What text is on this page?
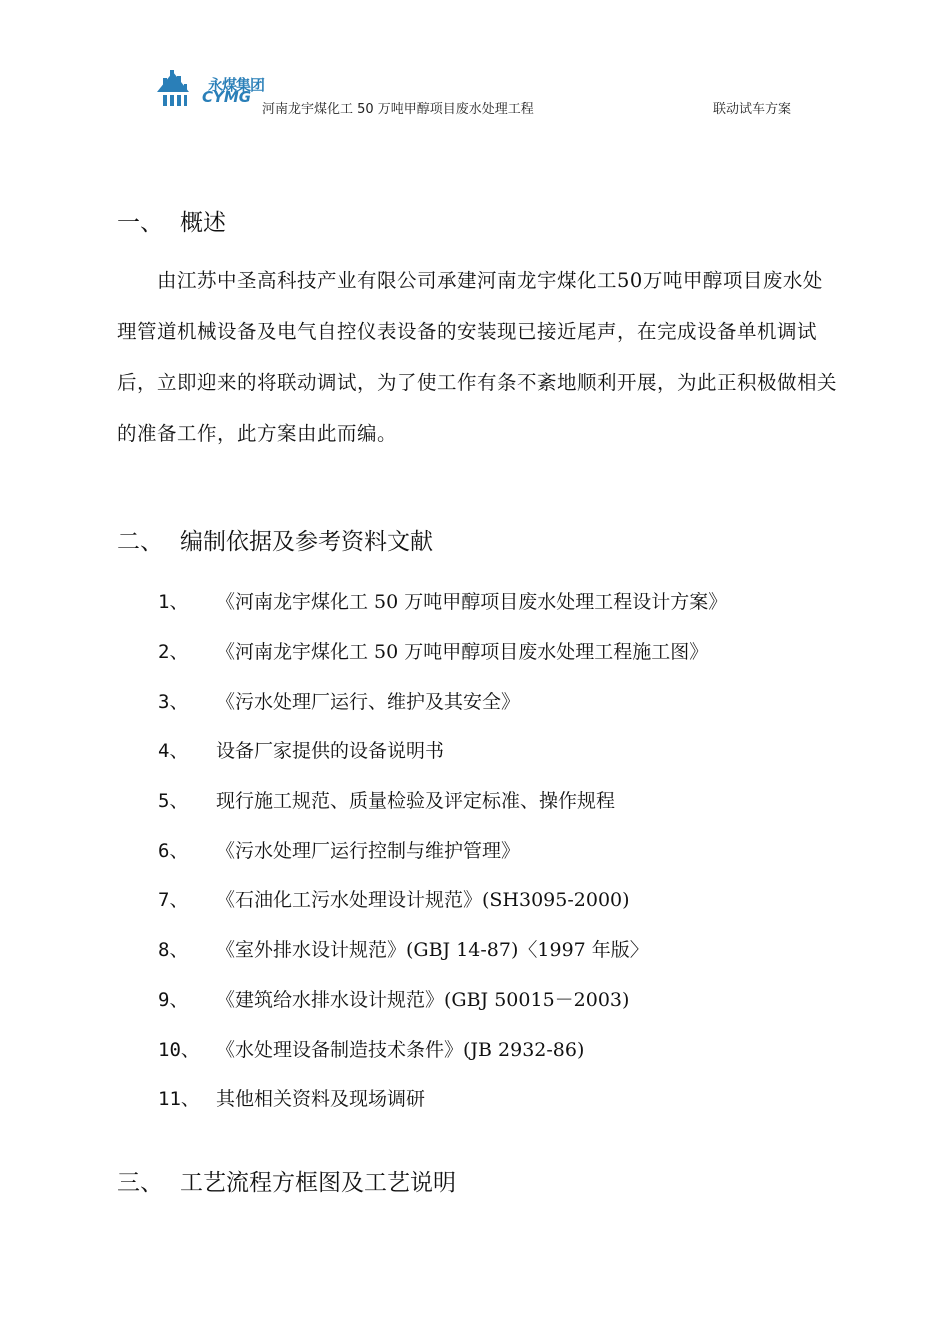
永煤集团
CYMG
河南龙宇煤化工 50 万吨甲醇项目废水处理工程	联动试车方案
一、 概述
由江苏中圣高科技产业有限公司承建河南龙宇煤化工50万吨甲醇项目废水处理管道机械设备及电气自控仪表设备的安装现已接近尾声，在完成设备单机调试后，立即迎来的将联动调试，为了使工作有条不紊地顺利开展，为此正积极做相关的准备工作，此方案由此而编。
二、 编制依据及参考资料文献
1、 《河南龙宇煤化工 50 万吨甲醇项目废水处理工程设计方案》
2、 《河南龙宇煤化工 50 万吨甲醇项目废水处理工程施工图》
3、 《污水处理厂运行、维护及其安全》
4、 设备厂家提供的设备说明书
5、 现行施工规范、质量检验及评定标准、操作规程
6、 《污水处理厂运行控制与维护管理》
7、 《石油化工污水处理设计规范》(SH3095-2000)
8、 《室外排水设计规范》(GBJ 14-87)〈1997 年版〉
9、 《建筑给水排水设计规范》(GBJ 50015－2003)
10、 《水处理设备制造技术条件》(JB 2932-86)
11、 其他相关资料及现场调研
三、 工艺流程方框图及工艺说明
